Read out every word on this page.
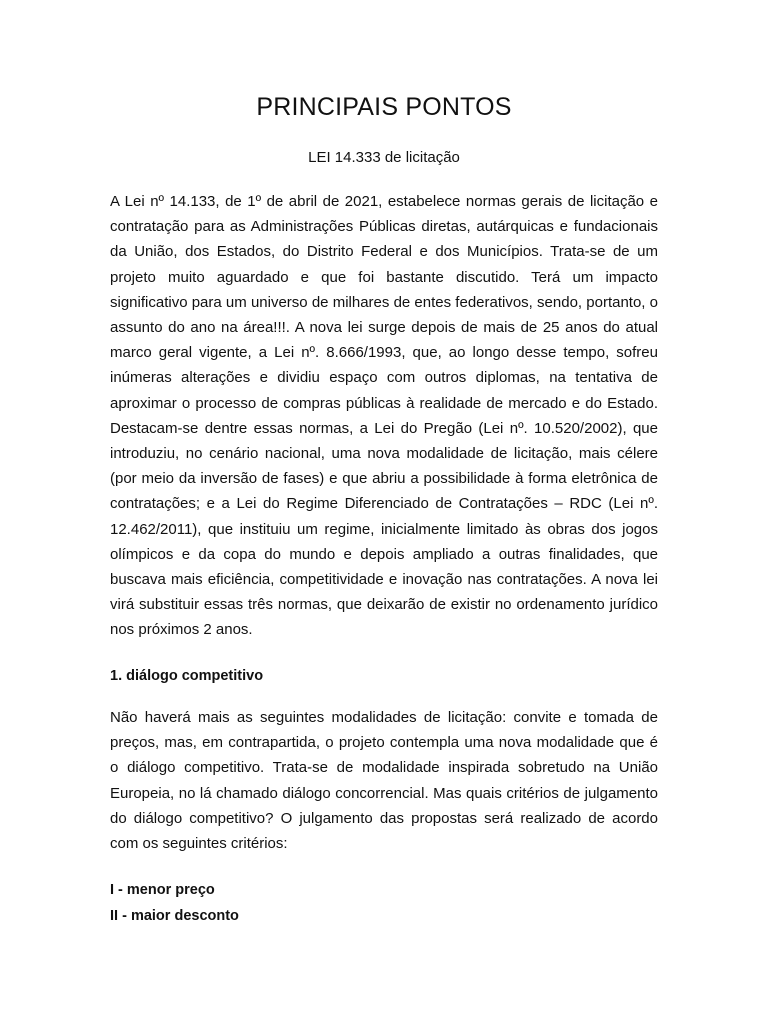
PRINCIPAIS PONTOS

LEI 14.333 de licitação

A Lei nº 14.133, de 1º de abril de 2021, estabelece normas gerais de licitação e contratação para as Administrações Públicas diretas, autárquicas e fundacionais da União, dos Estados, do Distrito Federal e dos Municípios. Trata-se de um projeto muito aguardado e que foi bastante discutido. Terá um impacto significativo para um universo de milhares de entes federativos, sendo, portanto, o assunto do ano na área!!!. A nova lei surge depois de mais de 25 anos do atual marco geral vigente, a Lei nº. 8.666/1993, que, ao longo desse tempo, sofreu inúmeras alterações e dividiu espaço com outros diplomas, na tentativa de aproximar o processo de compras públicas à realidade de mercado e do Estado. Destacam-se dentre essas normas, a Lei do Pregão (Lei nº. 10.520/2002), que introduziu, no cenário nacional, uma nova modalidade de licitação, mais célere (por meio da inversão de fases) e que abriu a possibilidade à forma eletrônica de contratações; e a Lei do Regime Diferenciado de Contratações – RDC (Lei nº. 12.462/2011), que instituiu um regime, inicialmente limitado às obras dos jogos olímpicos e da copa do mundo e depois ampliado a outras finalidades, que buscava mais eficiência, competitividade e inovação nas contratações. A nova lei virá substituir essas três normas, que deixarão de existir no ordenamento jurídico nos próximos 2 anos.

1. diálogo competitivo

Não haverá mais as seguintes modalidades de licitação: convite e tomada de preços, mas, em contrapartida, o projeto contempla uma nova modalidade que é o diálogo competitivo. Trata-se de modalidade inspirada sobretudo na União Europeia, no lá chamado diálogo concorrencial. Mas quais critérios de julgamento do diálogo competitivo? O julgamento das propostas será realizado de acordo com os seguintes critérios:

I - menor preço
II - maior desconto
